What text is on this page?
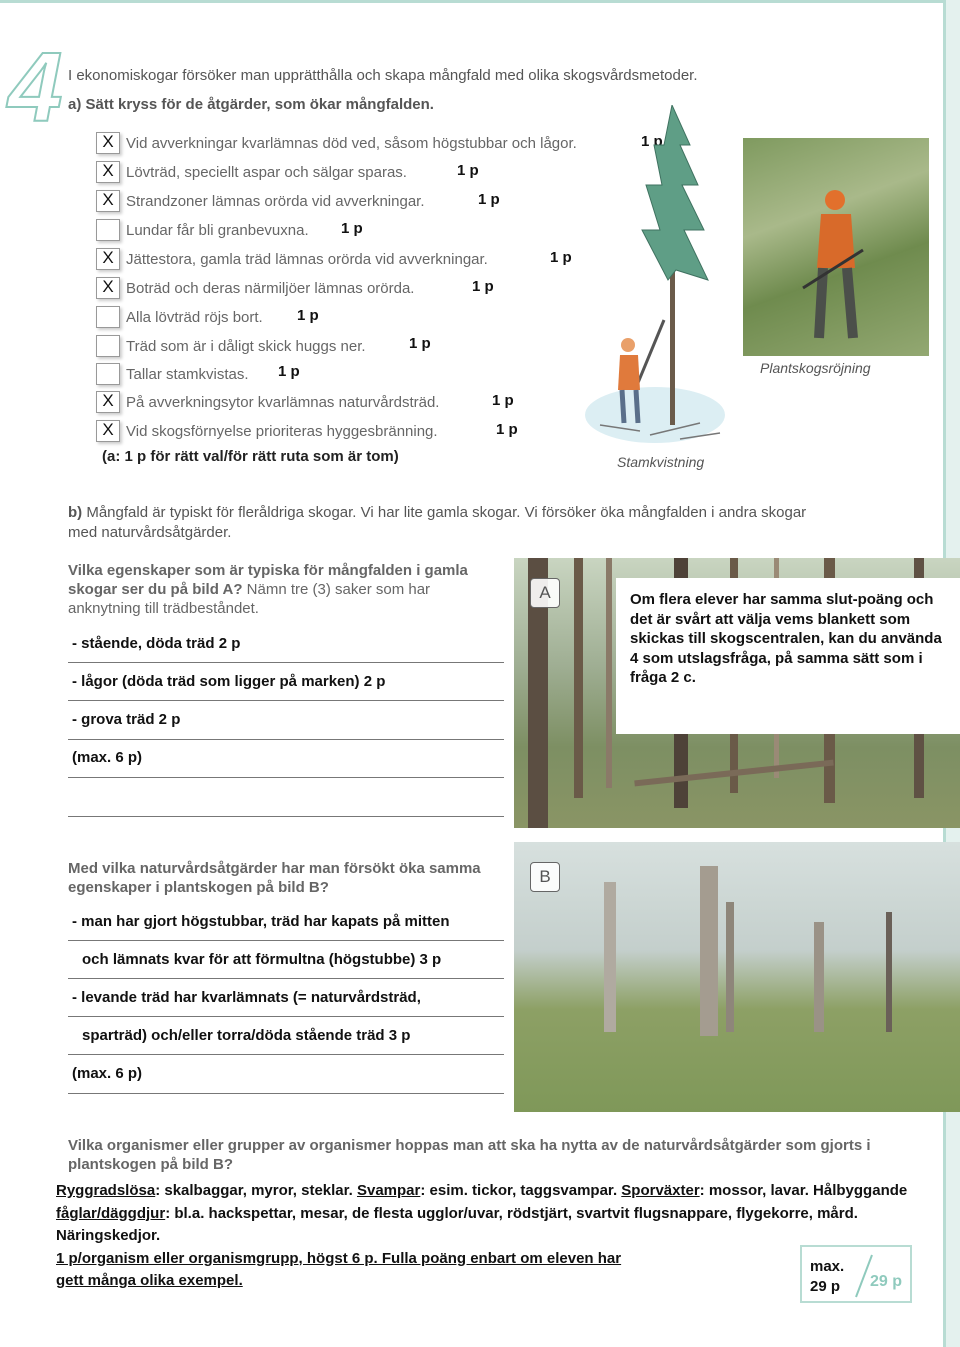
4 I ekonomiskogar försöker man upprätthålla och skapa mångfald med olika skogsvårdsmetoder.
a) Sätt kryss för de åtgärder, som ökar mångfalden.
X Vid avverkningar kvarlämnas död ved, såsom högstubbar och lågor.	1 p
X Lövträd, speciellt aspar och sälgar sparas.	1 p
X Strandzoner lämnas orörda vid avverkningar.	1 p
Lundar får bli granbevuxna. 1 p
X Jättestora, gamla träd lämnas orörda vid avverkningar.	1 p
X Boträd och deras närmiljöer lämnas orörda.	1 p
Alla lövträd röjs bort. 1 p
Träd som är i dåligt skick huggs ner.	1 p
Tallar stamkvistas. 1 p
X På avverkningsytor kvarlämnas naturvårdsträd.	1 p
X Vid skogsförnyelse prioriteras hyggesbränning.	1 p
(a: 1 p för rätt val/för rätt ruta som är tom)	Stamkvistning
Plantskogsröjning
b) Mångfald är typiskt för fleråldriga skogar. Vi har lite gamla skogar. Vi försöker öka mångfalden i andra skogar med naturvårdsåtgärder.
Vilka egenskaper som är typiska för mångfalden i gamla skogar ser du på bild A? Nämn tre (3) saker som har anknytning till trädbeståndet.
- stående, döda träd 2 p
- lågor (döda träd som ligger på marken) 2 p
- grova träd 2 p
(max. 6 p)
A	Om flera elever har samma slut-poäng och det är svårt att välja vems blankett som skickas till skogscentralen, kan du använda 4 som utslagsfråga, på samma sätt som i fråga 2 c.
Med vilka naturvårdsåtgärder har man försökt öka samma egenskaper i plantskogen på bild B?
- man har gjort högstubbar, träd har kapats på mitten
och lämnats kvar för att förmultna (högstubbe) 3 p
- levande träd har kvarlämnats (= naturvårdsträd,
sparträd) och/eller torra/döda stående träd 3 p
(max. 6 p)
B
Vilka organismer eller grupper av organismer hoppas man att ska ha nytta av de naturvårdsåtgärder som gjorts i plantskogen på bild B?
Ryggradslösa: skalbaggar, myror, steklar. Svampar: esim. tickor, taggsvampar. Sporväxter: mossor, lavar. Hålbyggande fåglar/däggdjur: bl.a. hackspettar, mesar, de flesta ugglor/uvar, rödstjärt, svartvit flugsnappare, flygekorre, mård. Näringskedjor.
1 p/organism eller organismgrupp, högst 6 p. Fulla poäng enbart om eleven har
gett många olika exempel.
max.
29 p 29 p
